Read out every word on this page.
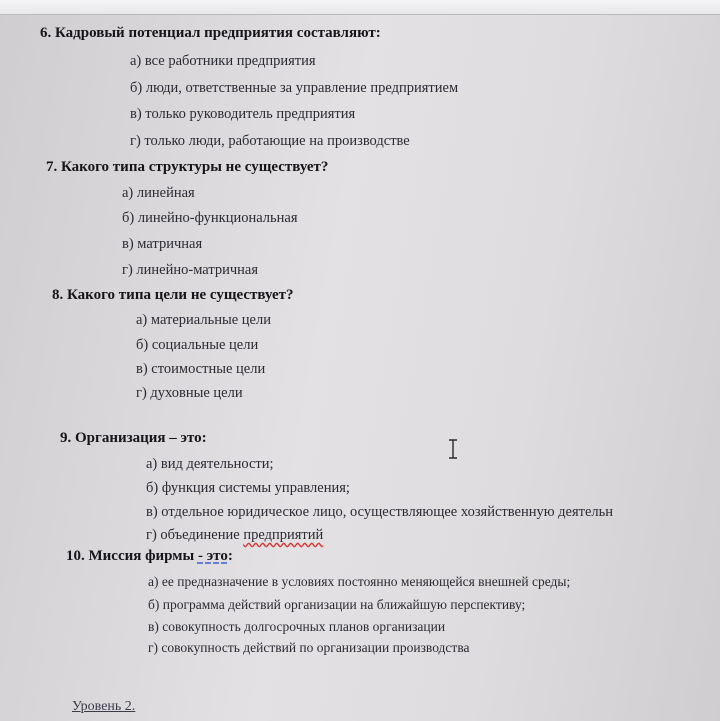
6. Кадровый потенциал предприятия составляют:
а) все работники предприятия
б) люди, ответственные за управление предприятием
в) только руководитель предприятия
г) только люди, работающие на производстве
7. Какого типа структуры не существует?
а) линейная
б) линейно-функциональная
в) матричная
г) линейно-матричная
8. Какого типа цели не существует?
а) материальные цели
б) социальные цели
в) стоимостные цели
г) духовные цели
9. Организация – это:
а) вид деятельности;
б) функция системы управления;
в) отдельное юридическое лицо, осуществляющее хозяйственную деятельн
г) объединение предприятий
10. Миссия фирмы - это:
а) ее предназначение в условиях постоянно меняющейся внешней среды;
б) программа действий организации на ближайшую перспективу;
в) совокупность долгосрочных планов организации
г) совокупность действий по организации производства
Уровень 2.
